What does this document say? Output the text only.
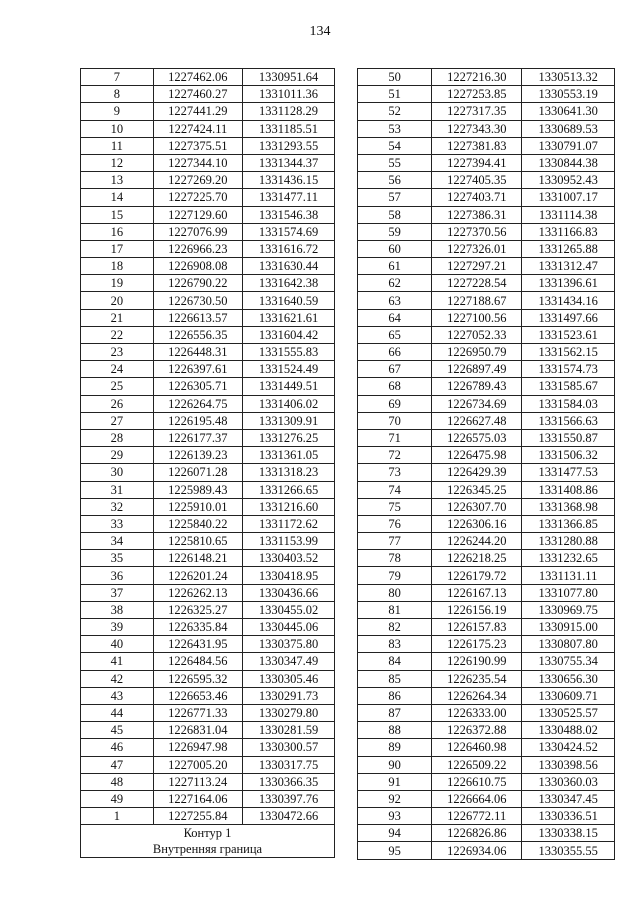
134
7	1227462.06	1330951.64
8	1227460.27	1331011.36
9	1227441.29	1331128.29
10	1227424.11	1331185.51
11	1227375.51	1331293.55
12	1227344.10	1331344.37
13	1227269.20	1331436.15
14	1227225.70	1331477.11
15	1227129.60	1331546.38
16	1227076.99	1331574.69
17	1226966.23	1331616.72
18	1226908.08	1331630.44
19	1226790.22	1331642.38
20	1226730.50	1331640.59
21	1226613.57	1331621.61
22	1226556.35	1331604.42
23	1226448.31	1331555.83
24	1226397.61	1331524.49
25	1226305.71	1331449.51
26	1226264.75	1331406.02
27	1226195.48	1331309.91
28	1226177.37	1331276.25
29	1226139.23	1331361.05
30	1226071.28	1331318.23
31	1225989.43	1331266.65
32	1225910.01	1331216.60
33	1225840.22	1331172.62
34	1225810.65	1331153.99
35	1226148.21	1330403.52
36	1226201.24	1330418.95
37	1226262.13	1330436.66
38	1226325.27	1330455.02
39	1226335.84	1330445.06
40	1226431.95	1330375.80
41	1226484.56	1330347.49
42	1226595.32	1330305.46
43	1226653.46	1330291.73
44	1226771.33	1330279.80
45	1226831.04	1330281.59
46	1226947.98	1330300.57
47	1227005.20	1330317.75
48	1227113.24	1330366.35
49	1227164.06	1330397.76
1	1227255.84	1330472.66

Контур 1
Внутренняя граница		
50	1227216.30	1330513.32
51	1227253.85	1330553.19
52	1227317.35	1330641.30
53	1227343.30	1330689.53
54	1227381.83	1330791.07
55	1227394.41	1330844.38
56	1227405.35	1330952.43
57	1227403.71	1331007.17
58	1227386.31	1331114.38
59	1227370.56	1331166.83
60	1227326.01	1331265.88
61	1227297.21	1331312.47
62	1227228.54	1331396.61
63	1227188.67	1331434.16
64	1227100.56	1331497.66
65	1227052.33	1331523.61
66	1226950.79	1331562.15
67	1226897.49	1331574.73
68	1226789.43	1331585.67
69	1226734.69	1331584.03
70	1226627.48	1331566.63
71	1226575.03	1331550.87
72	1226475.98	1331506.32
73	1226429.39	1331477.53
74	1226345.25	1331408.86
75	1226307.70	1331368.98
76	1226306.16	1331366.85
77	1226244.20	1331280.88
78	1226218.25	1331232.65
79	1226179.72	1331131.11
80	1226167.13	1331077.80
81	1226156.19	1330969.75
82	1226157.83	1330915.00
83	1226175.23	1330807.80
84	1226190.99	1330755.34
85	1226235.54	1330656.30
86	1226264.34	1330609.71
87	1226333.00	1330525.57
88	1226372.88	1330488.02
89	1226460.98	1330424.52
90	1226509.22	1330398.56
91	1226610.75	1330360.03
92	1226664.06	1330347.45
93	1226772.11	1330336.51
94	1226826.86	1330338.15
95	1226934.06	1330355.55
